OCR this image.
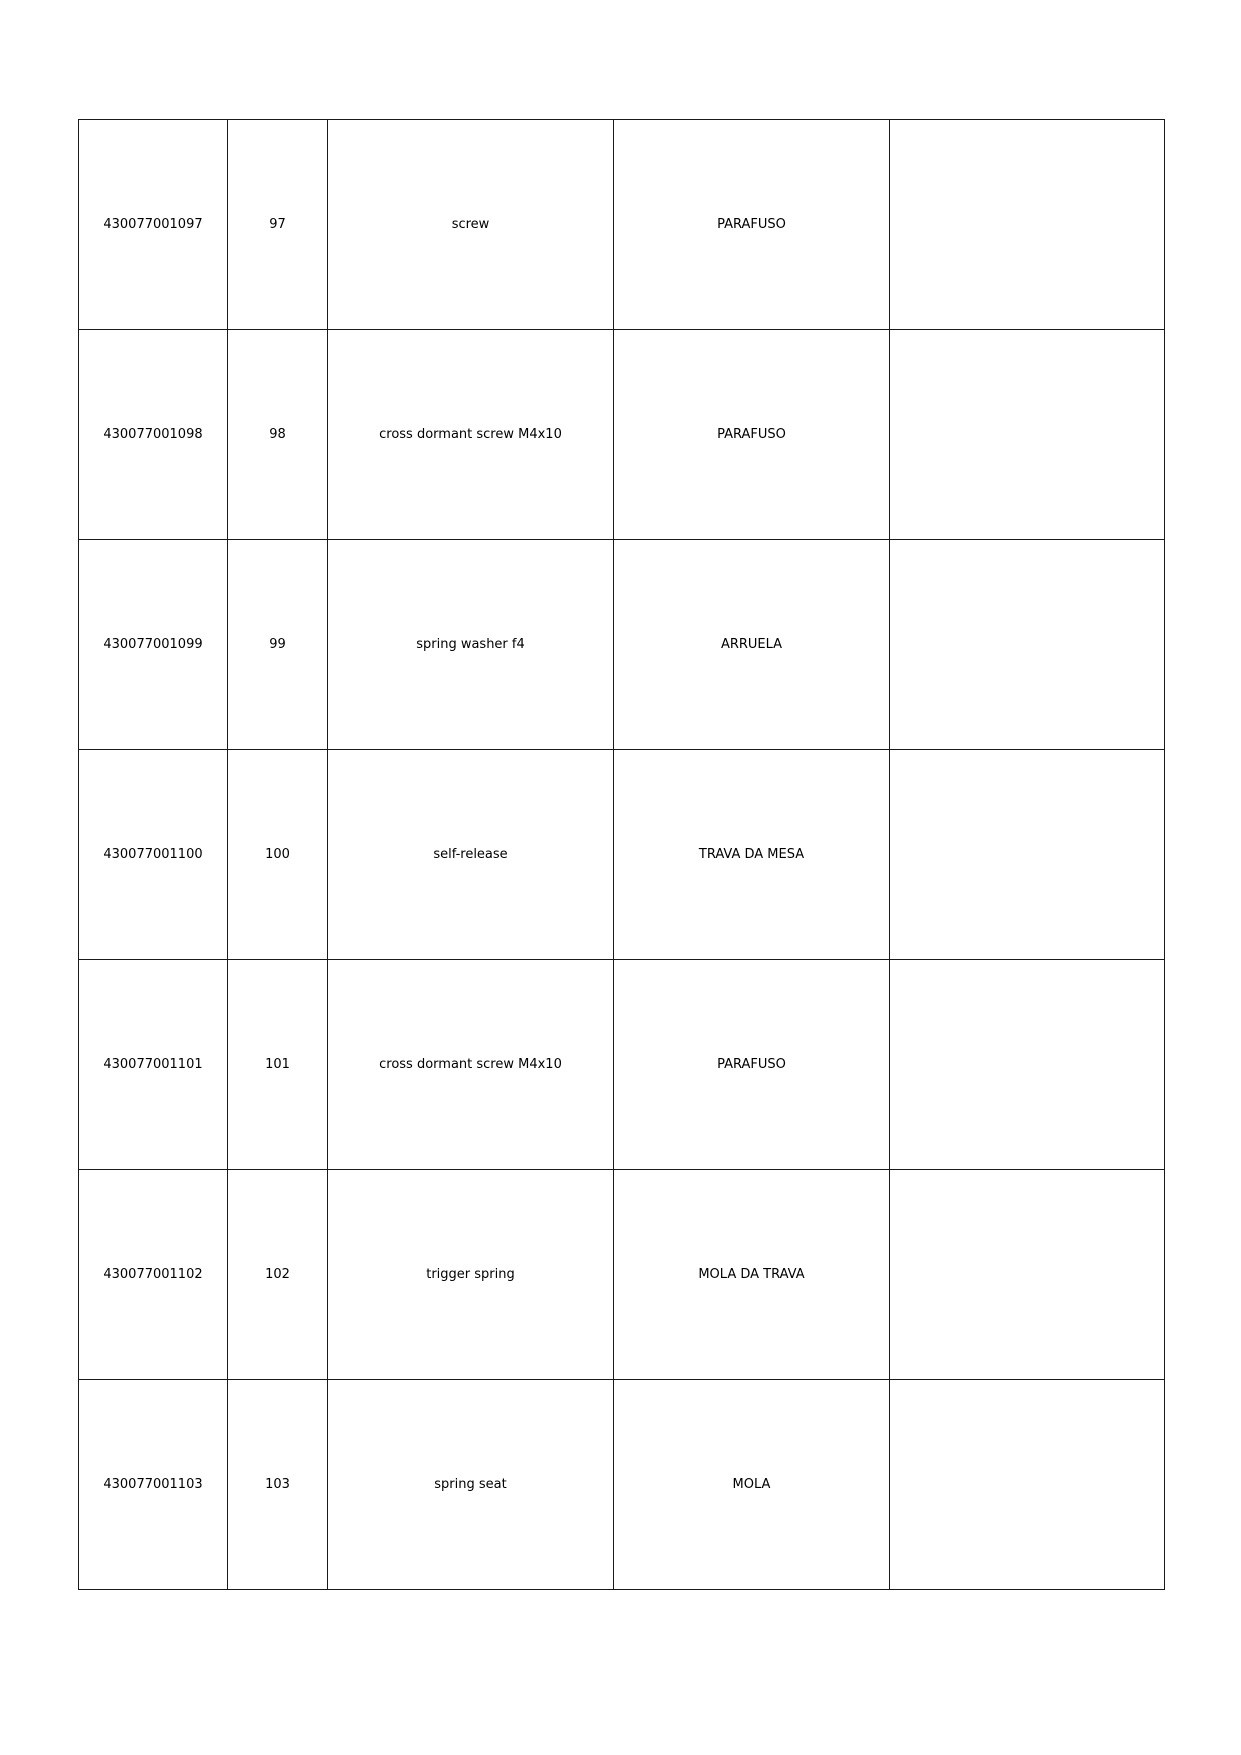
430077001097	97	screw	PARAFUSO	
430077001098	98	cross dormant screw M4x10	PARAFUSO	
430077001099	99	spring washer f4	ARRUELA	
430077001100	100	self-release	TRAVA DA MESA	
430077001101	101	cross dormant screw M4x10	PARAFUSO	
430077001102	102	trigger spring	MOLA DA TRAVA	
430077001103	103	spring seat	MOLA	
